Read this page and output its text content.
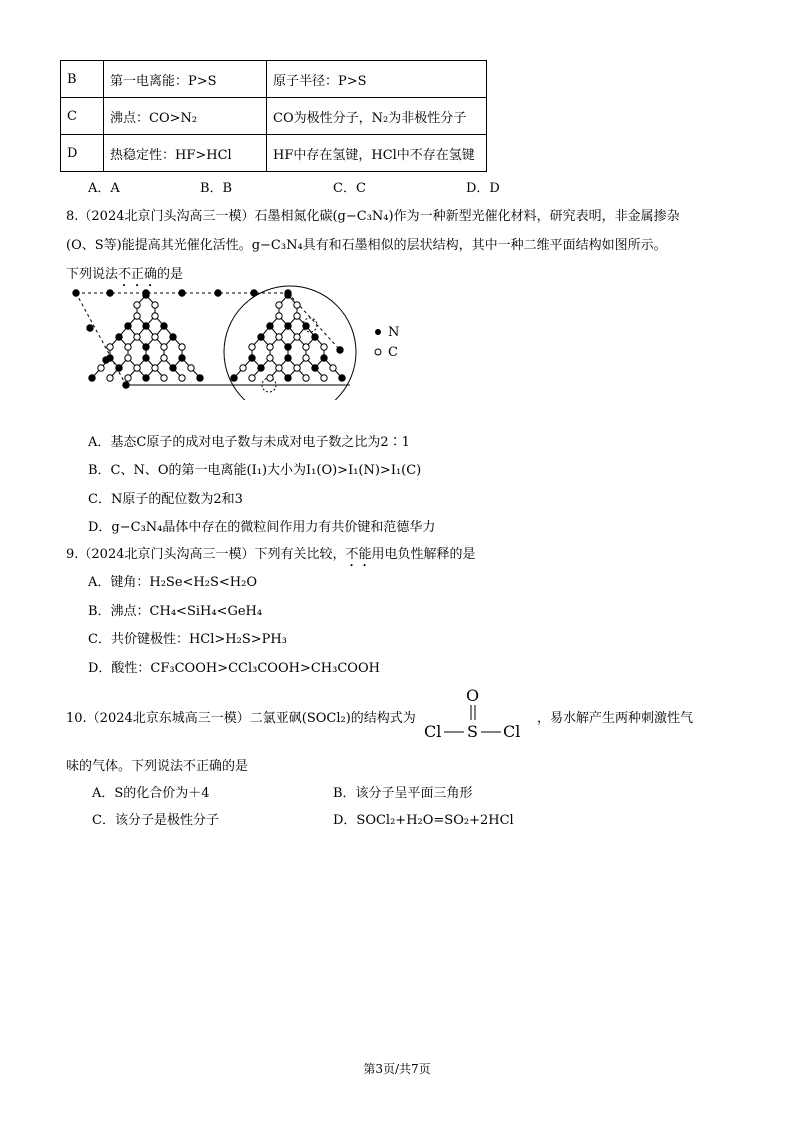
B	第一电离能：P>S	原子半径：P>S
C	沸点：CO>N₂	CO为极性分子，N₂为非极性分子
D	热稳定性：HF>HCl	HF中存在氢键，HCl中不存在氢键
A．A	B．B	C．C	D．D
8.（2024北京门头沟高三一模）石墨相氮化碳(g−C₃N₄)作为一种新型光催化材料，研究表明，非金属掺杂
(O、S等)能提高其光催化活性。g−C₃N₄具有和石墨相似的层状结构，其中一种二维平面结构如图所示。
下列说法不正确的是
N
C
A．基态C原子的成对电子数与未成对电子数之比为2∶1
B．C、N、O的第一电离能(I₁)大小为I₁(O)>I₁(N)>I₁(C)
C．N原子的配位数为2和3
D．g−C₃N₄晶体中存在的微粒间作用力有共价键和范德华力
9.（2024北京门头沟高三一模）下列有关比较，不能用电负性解释的是
A．键角：H₂Se<H₂S<H₂O
B．沸点：CH₄<SiH₄<GeH₄
C．共价键极性：HCl>H₂S>PH₃
D．酸性：CF₃COOH>CCl₃COOH>CH₃COOH
10.（2024北京东城高三一模）二氯亚砜(SOCl₂)的结构式为
O
Cl S Cl
，易水解产生两种刺激性气
味的气体。下列说法不正确的是
A．S的化合价为＋4	B．该分子呈平面三角形
C．该分子是极性分子	D．SOCl₂+H₂O=SO₂+2HCl
第3页/共7页
